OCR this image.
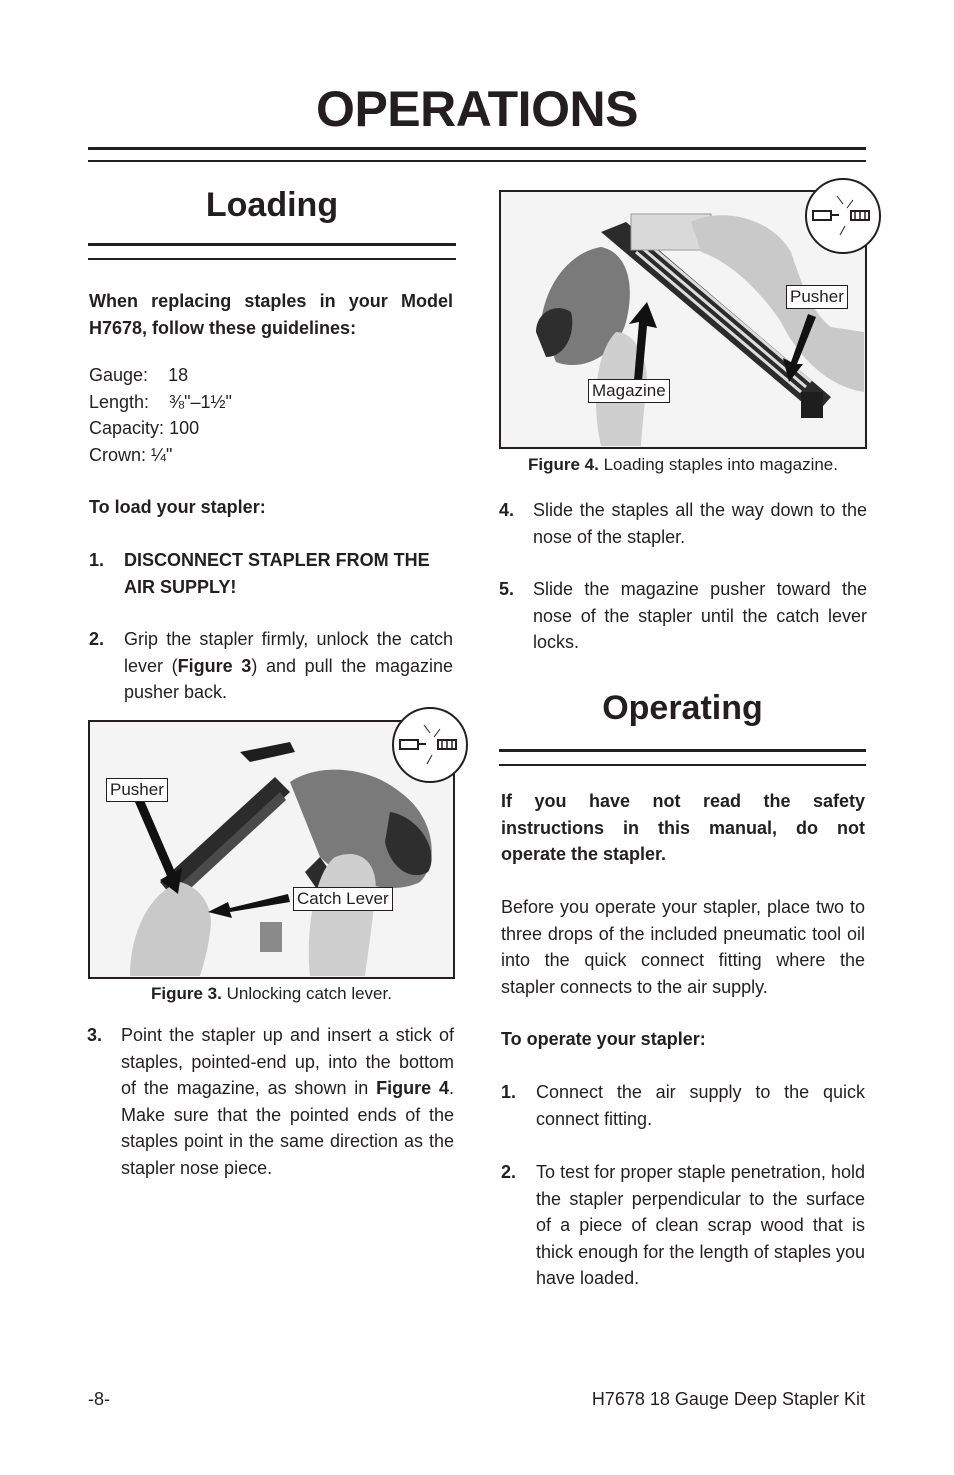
OPERATIONS
Loading
When replacing staples in your Model H7678, follow these guidelines:
Gauge: 18
Length: ⅜"–1½"
Capacity: 100
Crown: ¼"
To load your stapler:
1. DISCONNECT STAPLER FROM THE AIR SUPPLY!
2. Grip the stapler firmly, unlock the catch lever (Figure 3) and pull the magazine pusher back.
Pusher
Catch Lever
Figure 3. Unlocking catch lever.
3. Point the stapler up and insert a stick of staples, pointed-end up, into the bottom of the magazine, as shown in Figure 4. Make sure that the pointed ends of the staples point in the same direction as the stapler nose piece.
Pusher
Magazine
Figure 4. Loading staples into magazine.
4. Slide the staples all the way down to the nose of the stapler.
5. Slide the magazine pusher toward the nose of the stapler until the catch lever locks.
Operating
If you have not read the safety instructions in this manual, do not operate the stapler.
Before you operate your stapler, place two to three drops of the included pneumatic tool oil into the quick connect fitting where the stapler connects to the air supply.
To operate your stapler:
1. Connect the air supply to the quick connect fitting.
2. To test for proper staple penetration, hold the stapler perpendicular to the surface of a piece of clean scrap wood that is thick enough for the length of staples you have loaded.
-8-	H7678 18 Gauge Deep Stapler Kit
